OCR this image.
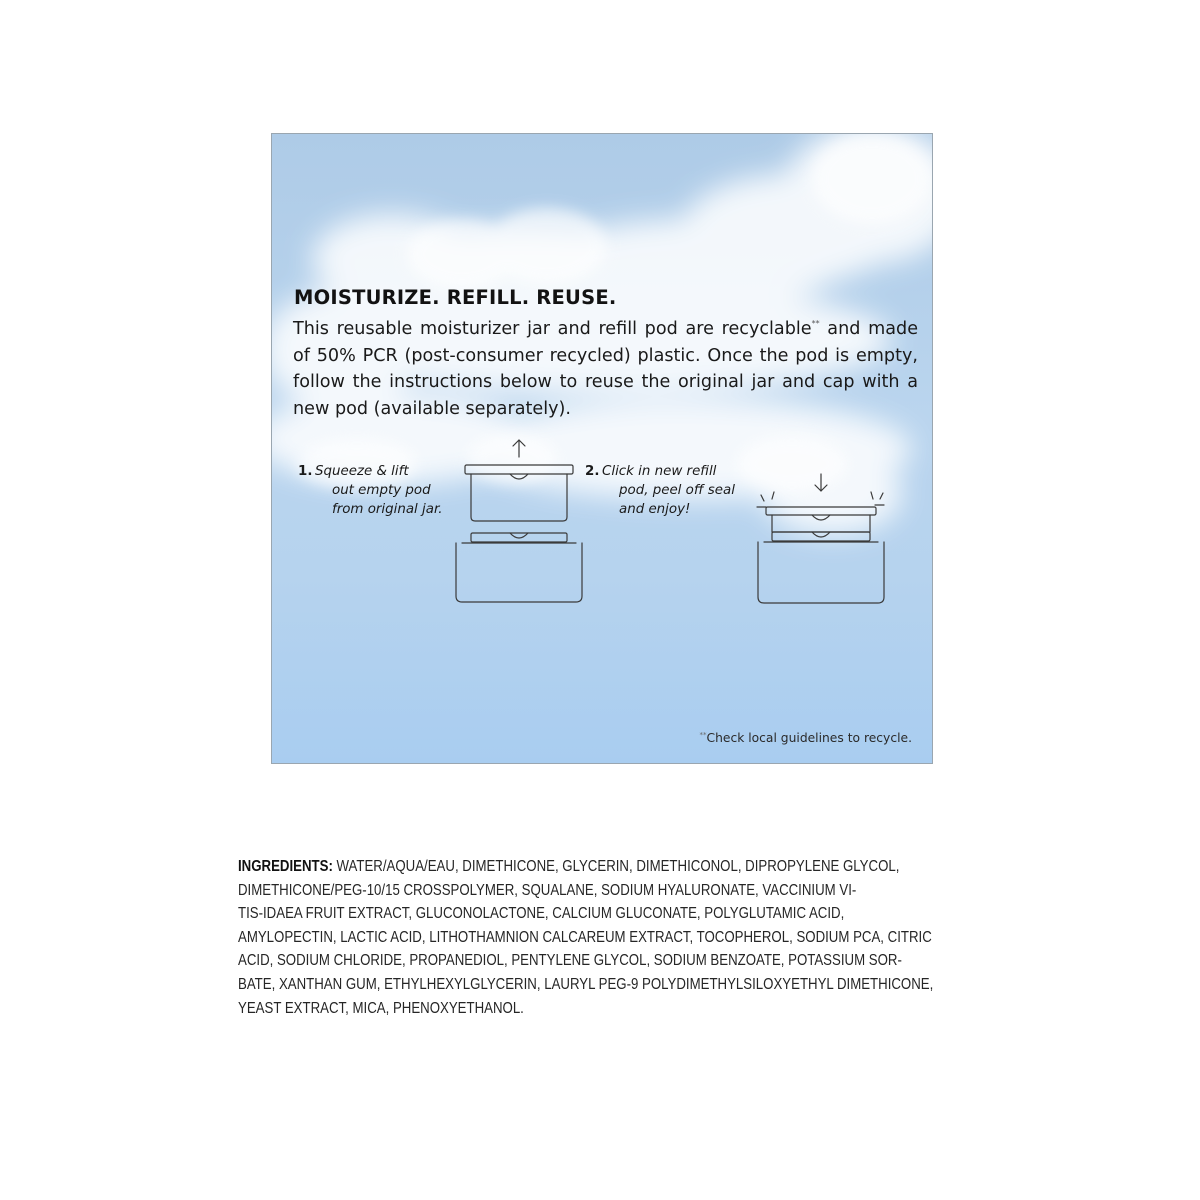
MOISTURIZE. REFILL. REUSE.

This reusable moisturizer jar and refill pod are recyclable** and made of 50% PCR (post-consumer recycled) plastic. Once the pod is empty, follow the instructions below to reuse the original jar and cap with a new pod (available separately).

1. Squeeze & lift
out empty pod
from original jar.

2. Click in new refill
pod, peel off seal
and enjoy!

**Check local guidelines to recycle.

INGREDIENTS: WATER/AQUA/EAU, DIMETHICONE, GLYCERIN, DIMETHICONOL, DIPROPYLENE GLYCOL,
DIMETHICONE/PEG-10/15 CROSSPOLYMER, SQUALANE, SODIUM HYALURONATE, VACCINIUM VI-
TIS-IDAEA FRUIT EXTRACT, GLUCONOLACTONE, CALCIUM GLUCONATE, POLYGLUTAMIC ACID,
AMYLOPECTIN, LACTIC ACID, LITHOTHAMNION CALCAREUM EXTRACT, TOCOPHEROL, SODIUM PCA, CITRIC
ACID, SODIUM CHLORIDE, PROPANEDIOL, PENTYLENE GLYCOL, SODIUM BENZOATE, POTASSIUM SOR-
BATE, XANTHAN GUM, ETHYLHEXYLGLYCERIN, LAURYL PEG-9 POLYDIMETHYLSILOXYETHYL DIMETHICONE,
YEAST EXTRACT, MICA, PHENOXYETHANOL.
